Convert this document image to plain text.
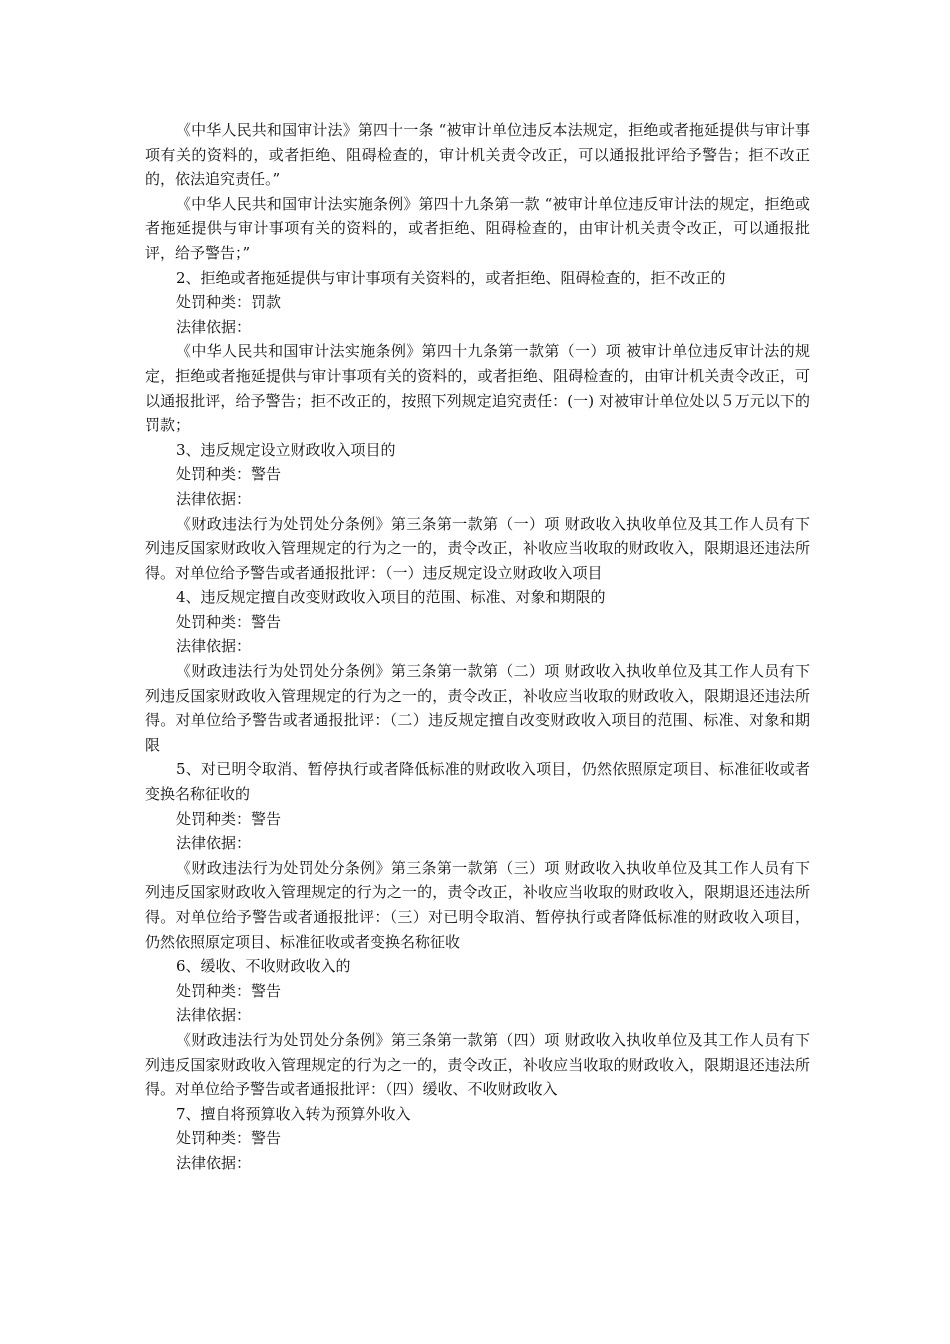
《中华人民共和国审计法》第四十一条 “被审计单位违反本法规定，拒绝或者拖延提供与审计事项有关的资料的，或者拒绝、阻碍检查的，审计机关责令改正，可以通报批评给予警告；拒不改正的，依法追究责任。”

《中华人民共和国审计法实施条例》第四十九条第一款 “被审计单位违反审计法的规定，拒绝或者拖延提供与审计事项有关的资料的，或者拒绝、阻碍检查的，由审计机关责令改正，可以通报批评，给予警告；”

2、拒绝或者拖延提供与审计事项有关资料的，或者拒绝、阻碍检查的，拒不改正的

处罚种类：罚款

法律依据：

《中华人民共和国审计法实施条例》第四十九条第一款第（一）项 被审计单位违反审计法的规定，拒绝或者拖延提供与审计事项有关的资料的，或者拒绝、阻碍检查的，由审计机关责令改正，可以通报批评，给予警告；拒不改正的，按照下列规定追究责任：(一) 对被审计单位处以５万元以下的罚款；

3、违反规定设立财政收入项目的

处罚种类：警告

法律依据：

《财政违法行为处罚处分条例》第三条第一款第（一）项 财政收入执收单位及其工作人员有下列违反国家财政收入管理规定的行为之一的，责令改正，补收应当收取的财政收入，限期退还违法所得。对单位给予警告或者通报批评：（一）违反规定设立财政收入项目

4、违反规定擅自改变财政收入项目的范围、标准、对象和期限的

处罚种类：警告

法律依据：

《财政违法行为处罚处分条例》第三条第一款第（二）项 财政收入执收单位及其工作人员有下列违反国家财政收入管理规定的行为之一的，责令改正，补收应当收取的财政收入，限期退还违法所得。对单位给予警告或者通报批评：（二）违反规定擅自改变财政收入项目的范围、标准、对象和期限

5、对已明令取消、暂停执行或者降低标准的财政收入项目，仍然依照原定项目、标准征收或者变换名称征收的

处罚种类：警告

法律依据：

《财政违法行为处罚处分条例》第三条第一款第（三）项 财政收入执收单位及其工作人员有下列违反国家财政收入管理规定的行为之一的，责令改正，补收应当收取的财政收入，限期退还违法所得。对单位给予警告或者通报批评：（三）对已明令取消、暂停执行或者降低标准的财政收入项目，仍然依照原定项目、标准征收或者变换名称征收

6、缓收、不收财政收入的

处罚种类：警告

法律依据：

《财政违法行为处罚处分条例》第三条第一款第（四）项 财政收入执收单位及其工作人员有下列违反国家财政收入管理规定的行为之一的，责令改正，补收应当收取的财政收入，限期退还违法所得。对单位给予警告或者通报批评：（四）缓收、不收财政收入

7、擅自将预算收入转为预算外收入

处罚种类：警告

法律依据：
